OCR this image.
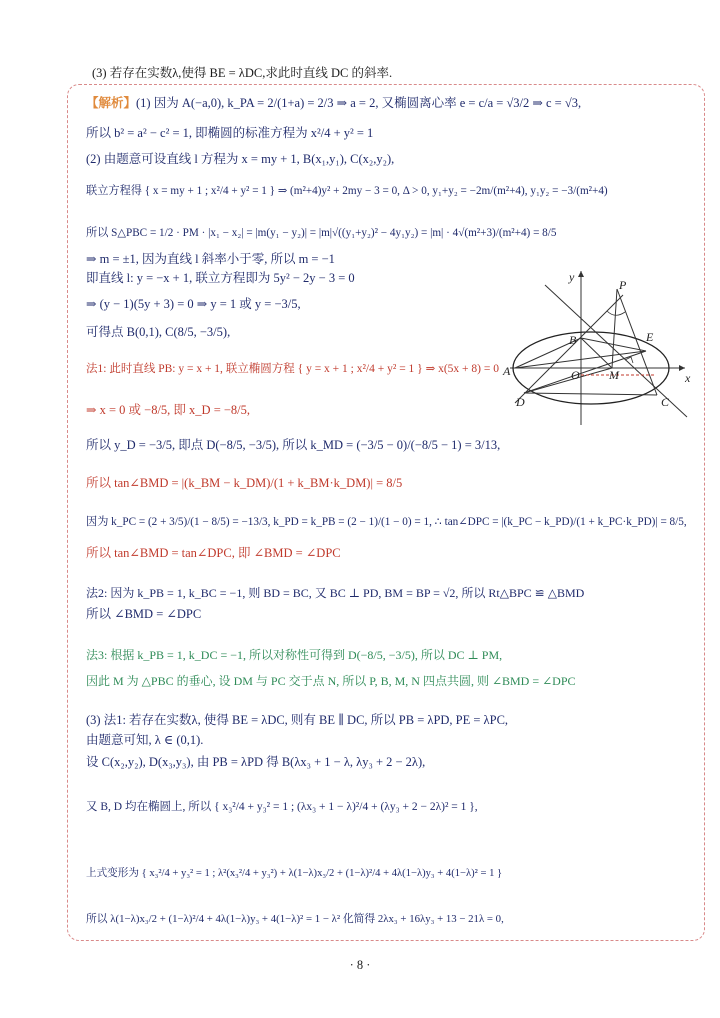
(3) 若存在实数λ,使得 BE = λDC,求此时直线 DC 的斜率.
【解析】(1) 因为 A(−a,0), k_PA = 2/(1+a) = 2/3 ⇒ a = 2, 又椭圆离心率 e = c/a = √3/2 ⇒ c = √3,
所以 b² = a² − c² = 1, 即椭圆的标准方程为 x²/4 + y² = 1
(2) 由题意可设直线 l 方程为 x = my + 1, B(x₁,y₁), C(x₂,y₂),
联立方程得 { x = my + 1 ; x²/4 + y² = 1 } ⇒ (m²+4)y² + 2my − 3 = 0, Δ > 0, y₁+y₂ = −2m/(m²+4), y₁y₂ = −3/(m²+4)
所以 S△PBC = 1/2 · PM · |x₁ − x₂| = |m(y₁ − y₂)| = |m|√((y₁+y₂)² − 4y₁y₂) = |m| · 4√(m²+3)/(m²+4) = 8/5
⇒ m = ±1, 因为直线 l 斜率小于零, 所以 m = −1
即直线 l: y = −x + 1, 联立方程即为 5y² − 2y − 3 = 0
⇒ (y − 1)(5y + 3) = 0 ⇒ y = 1 或 y = −3/5,
可得点 B(0,1), C(8/5, −3/5),
法1: 此时直线 PB: y = x + 1, 联立椭圆方程 { y = x + 1 ; x²/4 + y² = 1 } ⇒ x(5x + 8) = 0
⇒ x = 0 或 −8/5, 即 x_D = −8/5,
所以 y_D = −3/5, 即点 D(−8/5, −3/5), 所以 k_MD = (−3/5 − 0)/(−8/5 − 1) = 3/13,
所以 tan∠BMD = |(k_BM − k_DM)/(1 + k_BM·k_DM)| = 8/5
因为 k_PC = (2 + 3/5)/(1 − 8/5) = −13/3, k_PD = k_PB = (2 − 1)/(1 − 0) = 1, ∴ tan∠DPC = |(k_PC − k_PD)/(1 + k_PC·k_PD)| = 8/5,
所以 tan∠BMD = tan∠DPC, 即 ∠BMD = ∠DPC
法2: 因为 k_PB = 1, k_BC = −1, 则 BD = BC, 又 BC ⊥ PD, BM = BP = √2, 所以 Rt△BPC ≌ △BMD
所以 ∠BMD = ∠DPC
法3: 根据 k_PB = 1, k_DC = −1, 所以对称性可得到 D(−8/5, −3/5), 所以 DC ⊥ PM,
因此 M 为 △PBC 的垂心, 设 DM 与 PC 交于点 N, 所以 P, B, M, N 四点共圆, 则 ∠BMD = ∠DPC
(3) 法1: 若存在实数λ, 使得 BE = λDC, 则有 BE ∥ DC, 所以 PB = λPD, PE = λPC,
由题意可知, λ ∈ (0,1).
设 C(x₂,y₂), D(x₃,y₃), 由 PB = λPD 得 B(λx₃ + 1 − λ, λy₃ + 2 − 2λ),
又 B, D 均在椭圆上, 所以 { x₃²/4 + y₃² = 1 ; (λx₃ + 1 − λ)²/4 + (λy₃ + 2 − 2λ)² = 1 },
上式变形为 { x₃²/4 + y₃² = 1 ; λ²(x₃²/4 + y₃²) + λ(1−λ)x₃/2 + (1−λ)²/4 + 4λ(1−λ)y₃ + 4(1−λ)² = 1 }
所以 λ(1−λ)x₃/2 + (1−λ)²/4 + 4λ(1−λ)y₃ + 4(1−λ)² = 1 − λ² 化简得 2λx₃ + 16λy₃ + 13 − 21λ = 0,
y
x
P
B	E
A	O M
D	C
· 8 ·
